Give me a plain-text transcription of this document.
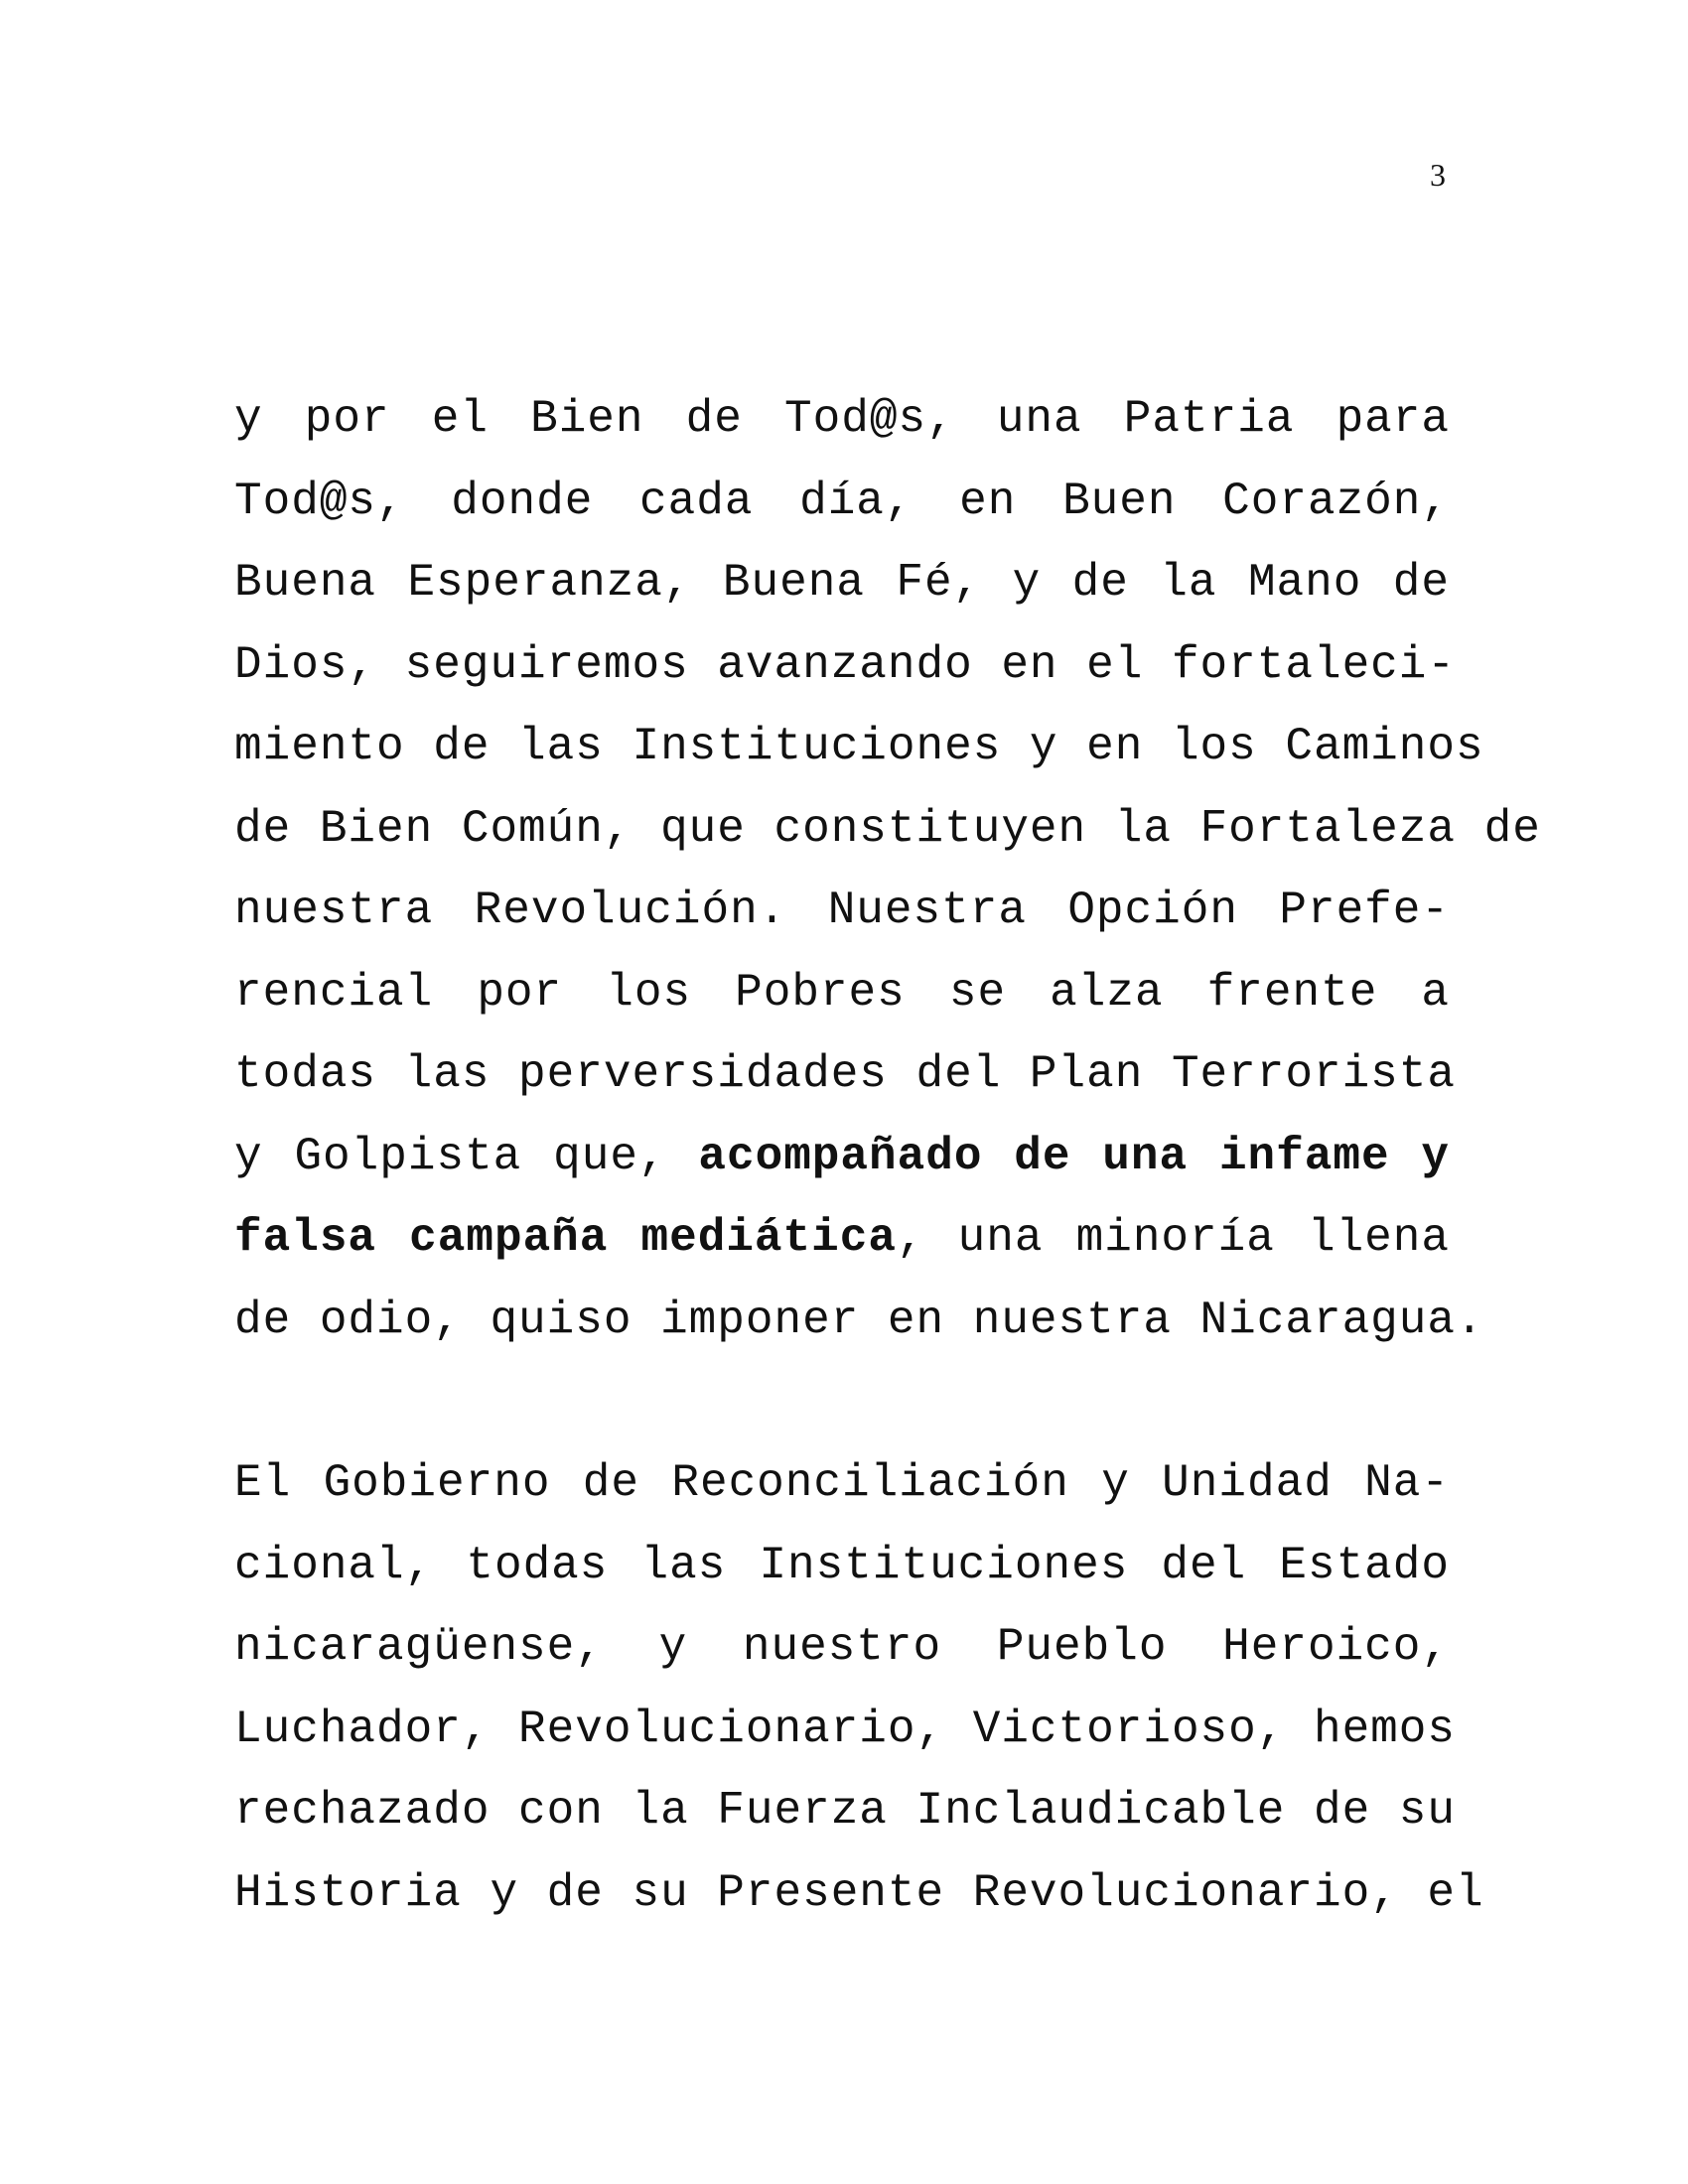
3
y por el Bien de Tod@s, una Patria para
Tod@s, donde cada día, en Buen Corazón,
Buena Esperanza, Buena Fé, y de la Mano de
Dios, seguiremos avanzando en el fortaleci-
miento de las Instituciones y en los Caminos
de Bien Común, que constituyen la Fortaleza de
nuestra Revolución. Nuestra Opción Prefe-
rencial por los Pobres se alza frente a
todas las perversidades del Plan Terrorista
y Golpista que, acompañado de una infame y
falsa campaña mediática, una minoría llena
de odio, quiso imponer en nuestra Nicaragua.
El Gobierno de Reconciliación y Unidad Na-
cional, todas las Instituciones del Estado
nicaragüense, y nuestro Pueblo Heroico,
Luchador, Revolucionario, Victorioso, hemos
rechazado con la Fuerza Inclaudicable de su
Historia y de su Presente Revolucionario, el
